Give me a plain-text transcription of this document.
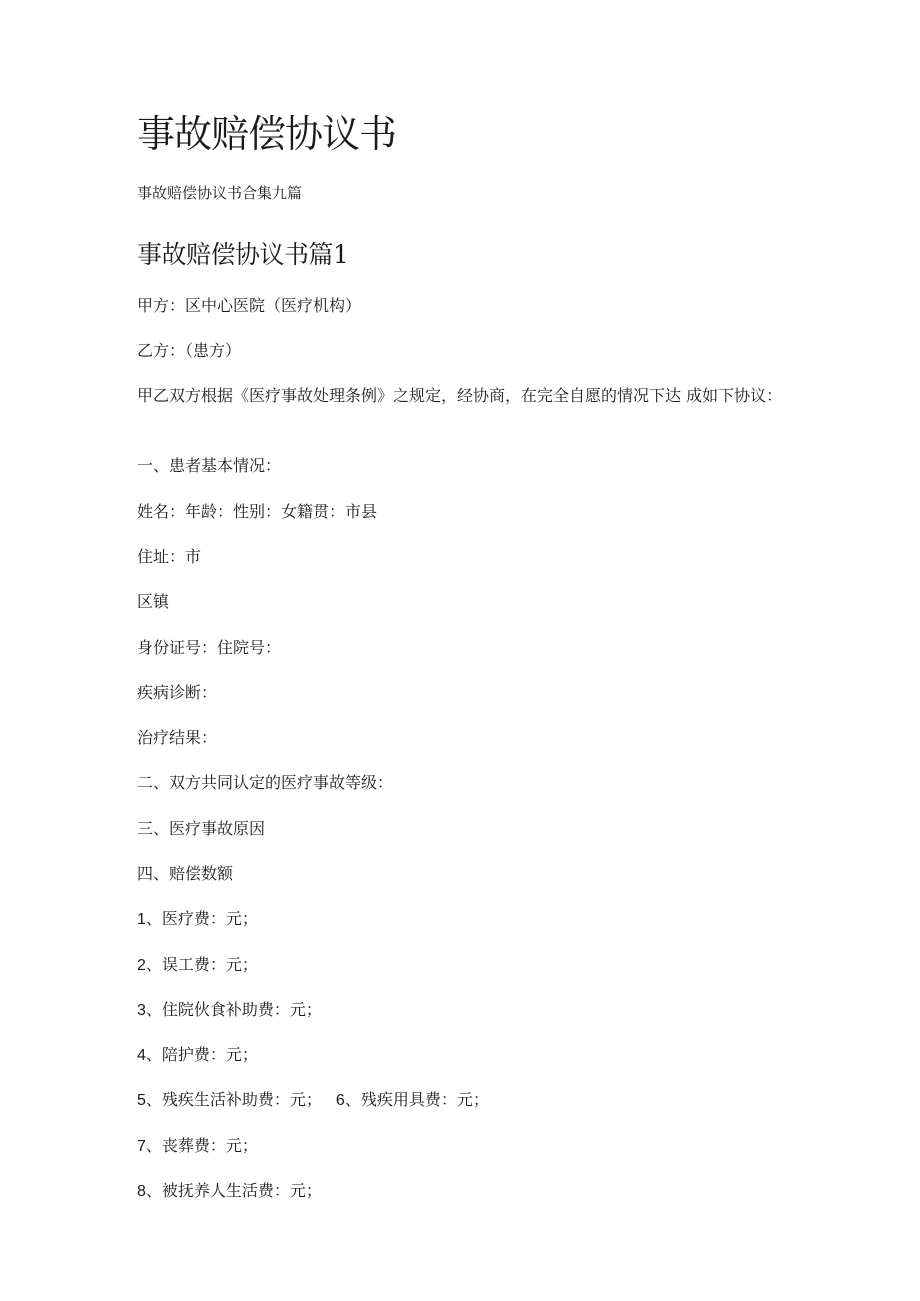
事故赔偿协议书

事故赔偿协议书合集九篇

事故赔偿协议书篇1

甲方：区中心医院（医疗机构）

乙方：（患方）

甲乙双方根据《医疗事故处理条例》之规定，经协商，在完全自愿的情况下达 成如下协议：

一、患者基本情况：

姓名：年龄：性别：女籍贯：市县

住址：市

区镇

身份证号：住院号：

疾病诊断：

治疗结果：

二、双方共同认定的医疗事故等级：

三、医疗事故原因

四、赔偿数额

1、医疗费：元；

2、误工费：元；

3、住院伙食补助费：元；

4、陪护费：元；

5、残疾生活补助费：元； 6、残疾用具费：元；

7、丧葬费：元；

8、被抚养人生活费：元；
